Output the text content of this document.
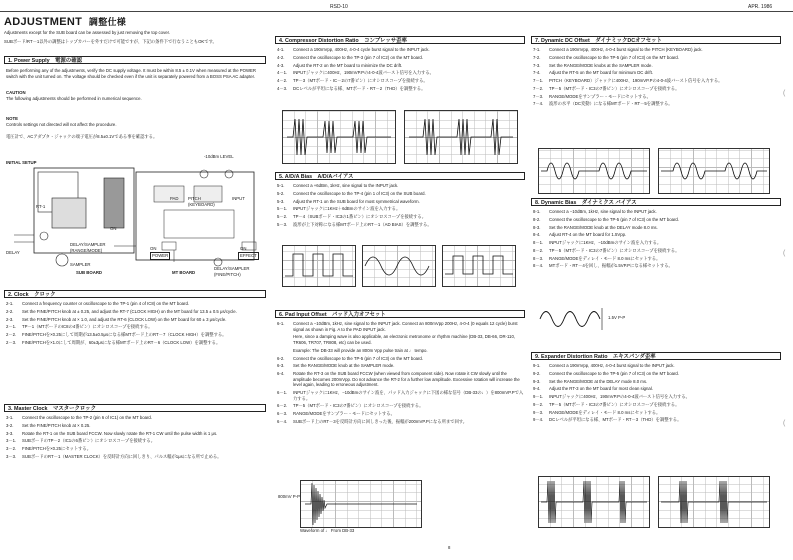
RSD-10	APR. 1986
ADJUSTMENT 調整仕様
Adjustments except for the SUB board can be assessed by just removing the top cover.
SUBボード/RT－1以外の調整はトップカバーを外すだけで可能ですが、下記の条件下で行なうこともOKです。
1. Power Supply　電源の確認
Before performing any of the adjustments, verify the DC supply voltage. It must be within 8.5 ± 0.1V when measured at the POWER switch with the unit turned on. The voltage should be checked even if the unit is separately powered from a BOSS PSA AC adapter.
CAUTION
The following adjustments should be performed in numerical sequence.
NOTE
Controls settings not directed will not affect the procedure.
電圧計で、ACアダプタ・ジャックの端子電圧が8.5±0.1Vである事を確認する。
INITIAL SETUP
-10dBm LEVEL
PAD PITCH (KEYBOARD)
INPUT
DELAY/SAMPLER (RANGE/MODE)
SAMPLER
SUB BOARD
DELAY
ON
POWER
ON
EFFECT
MT BOARD
DELAY/SAMPLER (FINE/PITCH)
RT-1
ON
2. Clock　クロック
2-1.	Connect a frequency counter or oscilloscope to the TP-1 (pin 4 of IC8) on the MT board.
2-2.	Set the FINE/PITCH knob at ± 0.25, and adjust the RT-7 (CLOCK HIGH) on the MT board for 13.5 ± 0.5 μs/cycle.
2-3.	Set the FINE/PITCH knob at × 1.0, and adjust the RT-6 (CLOCK LOW) on the MT board for 60 ± 3 μs/cycle.
2－1.	TP－1（MTボードのIC8の4番ピン）にオシロスコープを接続する。
2－2.	FINE/PITCHを×0.25にして周期が13.5±0.5μsになる様MTボード上のRT－7（CLOCK HIGH）を調整する。
2－3.	FINE/PITCHを×1.0にして周期が、60±3μsになる様MTボード上のRT－6（CLOCK LOW）を調整する。
3. Master Clock　マスタークロック
3-1.	Connect the oscilloscope to the TP-2 (pin 6 of IC1) on the MT board.
3-2.	Set the FINE/PITCH knob at × 0.25.
3-3.	Rotate the RT-1 on the SUB board FCCW. Now slowly rotate the RT-1 CW until the pulse width is 1 μs.
3－1.	SUBボードのTP－2（IC1の6番ピン）にオシロスコープを接続する。
3－2.	FINE/PITCHを×0.25にセットする。
3－3.	SUBボードのRT－1（MASTER CLOCK）を反時計方向に回しきり、パルス幅が1μsになる所で止める。
4. Compressor Distortion Ratio　コンプレッサ歪率
4-1.	Connect a 190mVpp, 400Hz, 4-0-4 cycle burst signal to the INPUT jack.
4-2.	Connect the oscilloscope to the TP-3 (pin 7 of IC2) on the MT board.
4-3.	Adjust the RT-2 on the MT board to minimize the DC drift.
4－1.	INPUTジャックに400Hz、190mVP.Pの4-0-4波バースト信号を入力する。
4－2.	TP－3（MTボード・IC－2の7番ピン）にオシロスコープを接続する。
4－3.	DCレベルが平坦になる様、MTボード・RT－2（THD）を調整する。
5. A/D/A Bias　A/D/Aバイアス
5-1.	Connect a +6dBm, 1kHz, sine signal to the INPUT jack.
5-2.	Connect the oscilloscope to the TP-4 (pin 1 of IC3) on the SUB board.
5-3.	Adjust the RT-1 on the SUB board for most symmetrical waveform.
5－1.	INPUTジャックに1KHz＋6dBmのサイン波を入力する。
5－2.	TP－4（SUBボード・IC3の1番ピン）にオシロスコープを接続する。
5－3.	波形が上下対称になる様MTボード上のRT－1（AD BIAS）を調整する。
6. Pad Input Offset　パッド入力オフセット
6-1.	Connect a −10dBm, 1kHz, sine signal to the INPUT jack. Connect an 800mVpp 200Hz, 4-0-4 (0 equals 12 cycle) burst signal as shown in Fig. A to the PAD INPUT jack.
Here, since a damping wave is also applicable, an electronic metronome or rhythm machine (DB-33, DB-66, DR-110, TR606, TR707, TR808, etc) can be used.
Example: The DB-33 will provide an 800m Vpp pulse train at ♩ tempo.
6-2.	Connect the oscilloscope to the TP-5 (pin 7 of IC3) on the MT board.
6-3.	Set the RANGE/MODE knob at the SAMPLER mode.
6-4.	Rotate the RT-3 on the SUB board FCCW (when viewed from component side). Now rotate it CW slowly until the amplitude becomes 200mVpp. Do not advance the RT-2 for a further low amplitude. Excessive rotation will increase the level again, leading to erroneous adjustment.
6－1.	INPUTジャックに1KHz、−10dBmのサイン波を、パッド入力ジャックに下図の様な信号（DB-33の♩）を800mVP.Pで入力する。
6－2.	TP－5（MTボード・IC3の7番ピン）にオシロスコープを接続する。
6－3.	RANGE/MODEをサンプラー・モードにセットする。
6－4.	SUBボード上のRT－3を反時計方向に回しきった後、振幅が200mVP.Pになる所まで回す。
800mV P-P
Waveform of ♩ From DB-33
8
7. Dynamic DC Offset　ダイナミックDCオフセット
7-1.	Connect a 190mVpp, 400Hz, 4-0-4 burst signal to the PITCH (KEYBOARD) jack.
7-2.	Connect the oscilloscope to the TP-5 (pin 7 of IC3) on the MT board.
7-3.	Set the RANGE/MODE knobs at the SAMPLER mode.
7-4.	Adjust the RT-5 on the MT board for minimum DC drift.
7－1.	PITCH（KEYBOARD）ジャックに400Hz、190mVP.Pの4-0-4波バースト信号を入力する。
7－2.	TP－5（MTボード・IC3の7番ピン）にオシロスコープを接続する。
7－3.	RANGE/MODEをサンプラー・モードにセットする。
7－4.	波形の水平（DC変動）になる様MTボード・RT－5を調整する。
8. Dynamic Bias　ダイナミクス バイアス
8-1.	Connect a −10dBm, 1kHz, sine signal to the INPUT jack.
8-2.	Connect the oscilloscope to the TP-5 (pin 7 of IC3) on the MT board.
8-3.	Set the RANGE/MODE knob at the DELAY mode 8.0 ms.
8-4.	Adjust RT-4 on the MT board for 1.5Vpp.
8－1.	INPUTジャックに1KHz、−10dBmのサイン波を入力する。
8－2.	TP－5（MTボード・IC3の7番ピン）にオシロスコープを接続する。
8－3.	RANGE/MODEをディレイ・モード 8.0 msにセットする。
8－4.	MTボード・RT－4を回し、振幅が1.5VP.Pになる様セットする。
1.5V P-P
9. Expander Distortion Ratio　エキスパンダ歪率
9-1.	Connect a 190mVpp, 400Hz, 4-0-4 burst signal to the INPUT jack.
9-2.	Connect the oscilloscope to the TP-5 (pin 7 of IC3) on the MT board.
9-3.	Set the RANGE/MODE at the DELAY mode 8.0 ms.
9-4.	Adjust the RT-3 on the MT board for most clean signal.
9－1.	INPUTジャックに400Hz、190mVP.Pの4-0-4波バースト信号を入力する。
9－2.	TP－5（MTボード・IC3の7番ピン）にオシロスコープを接続する。
9－3.	RANGE/MODEをディレイ・モード 8.0 msにセットする。
9－4.	DCレベルが平坦になる様、MTボード・RT－3（THD）を調整する。
(
(
(
